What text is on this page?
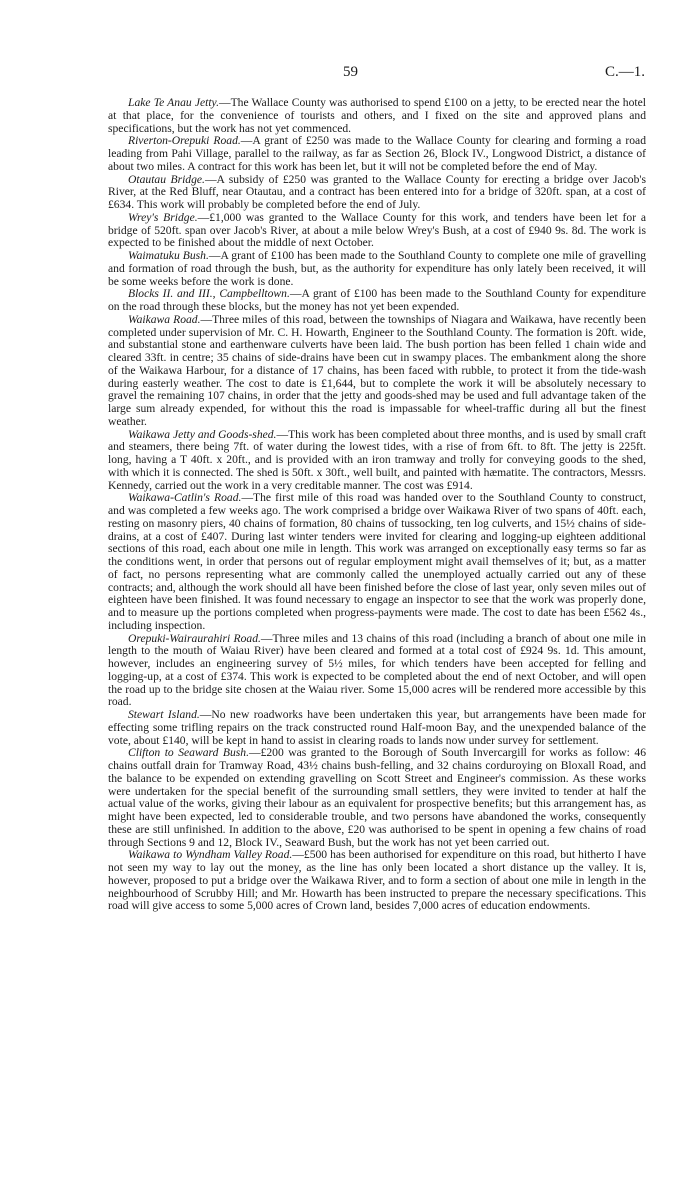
59	C.—1.

Lake Te Anau Jetty.—The Wallace County was authorised to spend £100 on a jetty, to be erected near the hotel at that place, for the convenience of tourists and others, and I fixed on the site and approved plans and specifications, but the work has not yet commenced.

Riverton-Orepuki Road.—A grant of £250 was made to the Wallace County for clearing and forming a road leading from Pahi Village, parallel to the railway, as far as Section 26, Block IV., Longwood District, a distance of about two miles. A contract for this work has been let, but it will not be completed before the end of May.

Otautau Bridge.—A subsidy of £250 was granted to the Wallace County for erecting a bridge over Jacob's River, at the Red Bluff, near Otautau, and a contract has been entered into for a bridge of 320ft. span, at a cost of £634. This work will probably be completed before the end of July.

Wrey's Bridge.—£1,000 was granted to the Wallace County for this work, and tenders have been let for a bridge of 520ft. span over Jacob's River, at about a mile below Wrey's Bush, at a cost of £940 9s. 8d. The work is expected to be finished about the middle of next October.

Waimatuku Bush.—A grant of £100 has been made to the Southland County to complete one mile of gravelling and formation of road through the bush, but, as the authority for expenditure has only lately been received, it will be some weeks before the work is done.

Blocks II. and III., Campbelltown.—A grant of £100 has been made to the Southland County for expenditure on the road through these blocks, but the money has not yet been expended.

Waikawa Road.—Three miles of this road, between the townships of Niagara and Waikawa, have recently been completed under supervision of Mr. C. H. Howarth, Engineer to the Southland County. The formation is 20ft. wide, and substantial stone and earthenware culverts have been laid. The bush portion has been felled 1 chain wide and cleared 33ft. in centre; 35 chains of side-drains have been cut in swampy places. The embankment along the shore of the Waikawa Harbour, for a distance of 17 chains, has been faced with rubble, to protect it from the tide-wash during easterly weather. The cost to date is £1,644, but to complete the work it will be absolutely necessary to gravel the remaining 107 chains, in order that the jetty and goods-shed may be used and full advantage taken of the large sum already expended, for without this the road is impassable for wheel-traffic during all but the finest weather.

Waikawa Jetty and Goods-shed.—This work has been completed about three months, and is used by small craft and steamers, there being 7ft. of water during the lowest tides, with a rise of from 6ft. to 8ft. The jetty is 225ft. long, having a T 40ft. x 20ft., and is provided with an iron tramway and trolly for conveying goods to the shed, with which it is connected. The shed is 50ft. x 30ft., well built, and painted with hæmatite. The contractors, Messrs. Kennedy, carried out the work in a very creditable manner. The cost was £914.

Waikawa-Catlin's Road.—The first mile of this road was handed over to the Southland County to construct, and was completed a few weeks ago. The work comprised a bridge over Waikawa River of two spans of 40ft. each, resting on masonry piers, 40 chains of formation, 80 chains of tussocking, ten log culverts, and 15½ chains of side-drains, at a cost of £407. During last winter tenders were invited for clearing and logging-up eighteen additional sections of this road, each about one mile in length. This work was arranged on exceptionally easy terms so far as the conditions went, in order that persons out of regular employment might avail themselves of it; but, as a matter of fact, no persons representing what are commonly called the unemployed actually carried out any of these contracts; and, although the work should all have been finished before the close of last year, only seven miles out of eighteen have been finished. It was found necessary to engage an inspector to see that the work was properly done, and to measure up the portions completed when progress-payments were made. The cost to date has been £562 4s., including inspection.

Orepuki-Wairaurahiri Road.—Three miles and 13 chains of this road (including a branch of about one mile in length to the mouth of Waiau River) have been cleared and formed at a total cost of £924 9s. 1d. This amount, however, includes an engineering survey of 5½ miles, for which tenders have been accepted for felling and logging-up, at a cost of £374. This work is expected to be completed about the end of next October, and will open the road up to the bridge site chosen at the Waiau river. Some 15,000 acres will be rendered more accessible by this road.

Stewart Island.—No new roadworks have been undertaken this year, but arrangements have been made for effecting some trifling repairs on the track constructed round Half-moon Bay, and the unexpended balance of the vote, about £140, will be kept in hand to assist in clearing roads to lands now under survey for settlement.

Clifton to Seaward Bush.—£200 was granted to the Borough of South Invercargill for works as follow: 46 chains outfall drain for Tramway Road, 43½ chains bush-felling, and 32 chains corduroying on Bloxall Road, and the balance to be expended on extending gravelling on Scott Street and Engineer's commission. As these works were undertaken for the special benefit of the surrounding small settlers, they were invited to tender at half the actual value of the works, giving their labour as an equivalent for prospective benefits; but this arrangement has, as might have been expected, led to considerable trouble, and two persons have abandoned the works, consequently these are still unfinished. In addition to the above, £20 was authorised to be spent in opening a few chains of road through Sections 9 and 12, Block IV., Seaward Bush, but the work has not yet been carried out.

Waikawa to Wyndham Valley Road.—£500 has been authorised for expenditure on this road, but hitherto I have not seen my way to lay out the money, as the line has only been located a short distance up the valley. It is, however, proposed to put a bridge over the Waikawa River, and to form a section of about one mile in length in the neighbourhood of Scrubby Hill; and Mr. Howarth has been instructed to prepare the necessary specifications. This road will give access to some 5,000 acres of Crown land, besides 7,000 acres of education endowments.
